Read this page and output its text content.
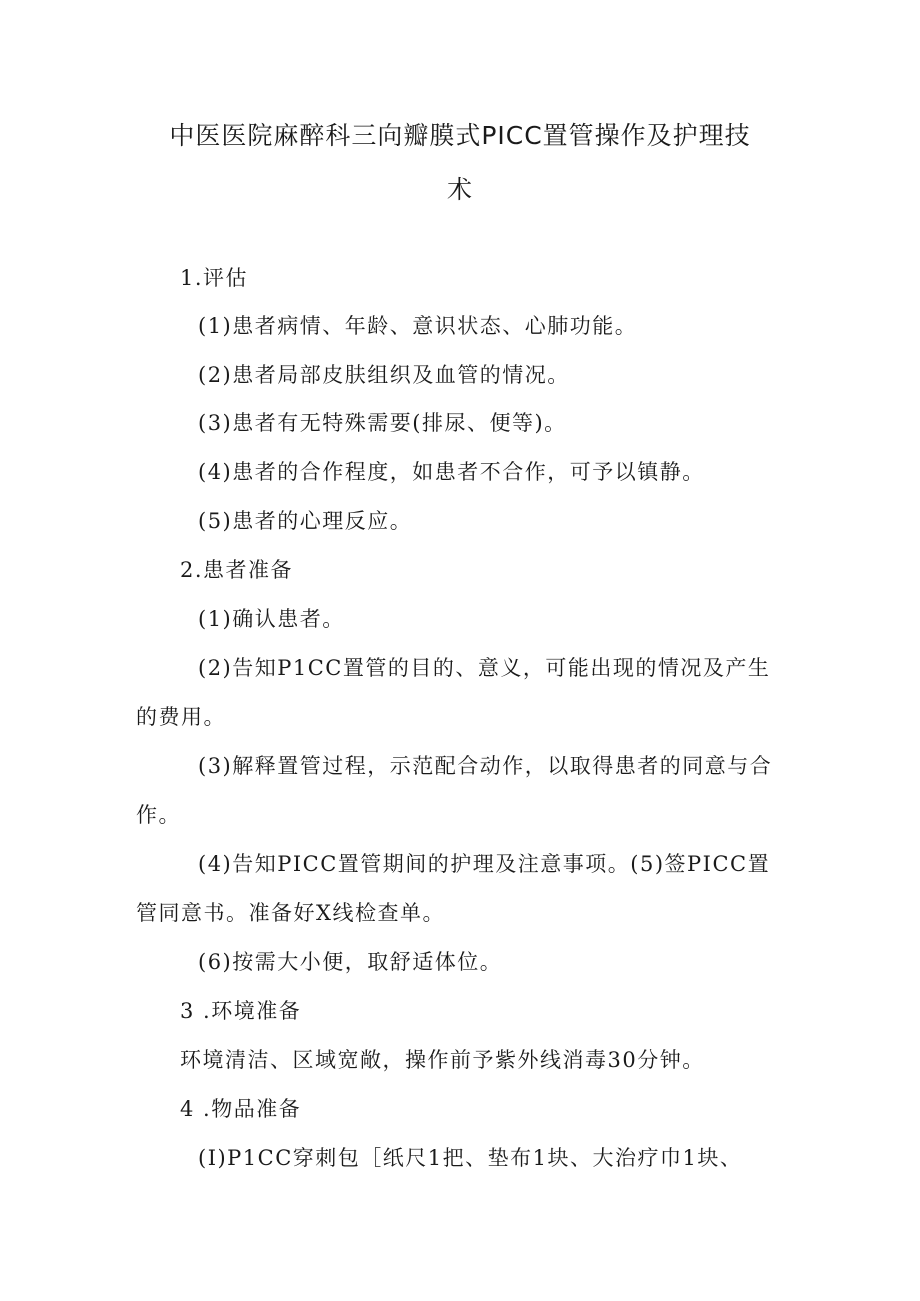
中医医院麻醉科三向瓣膜式PICC置管操作及护理技
术
1.评估
(1)患者病情、年龄、意识状态、心肺功能。
(2)患者局部皮肤组织及血管的情况。
(3)患者有无特殊需要(排尿、便等)。
(4)患者的合作程度，如患者不合作，可予以镇静。
(5)患者的心理反应。
2.患者准备
(1)确认患者。
(2)告知P1CC置管的目的、意义，可能出现的情况及产生
的费用。
(3)解释置管过程，示范配合动作，以取得患者的同意与合
作。
(4)告知PICC置管期间的护理及注意事项。(5)签PICC置
管同意书。准备好X线检查单。
(6)按需大小便，取舒适体位。
3 .环境准备
环境清洁、区域宽敞，操作前予紫外线消毒30分钟。
4 .物品准备
(I)P1CC穿刺包［纸尺1把、垫布1块、大治疗巾1块、
